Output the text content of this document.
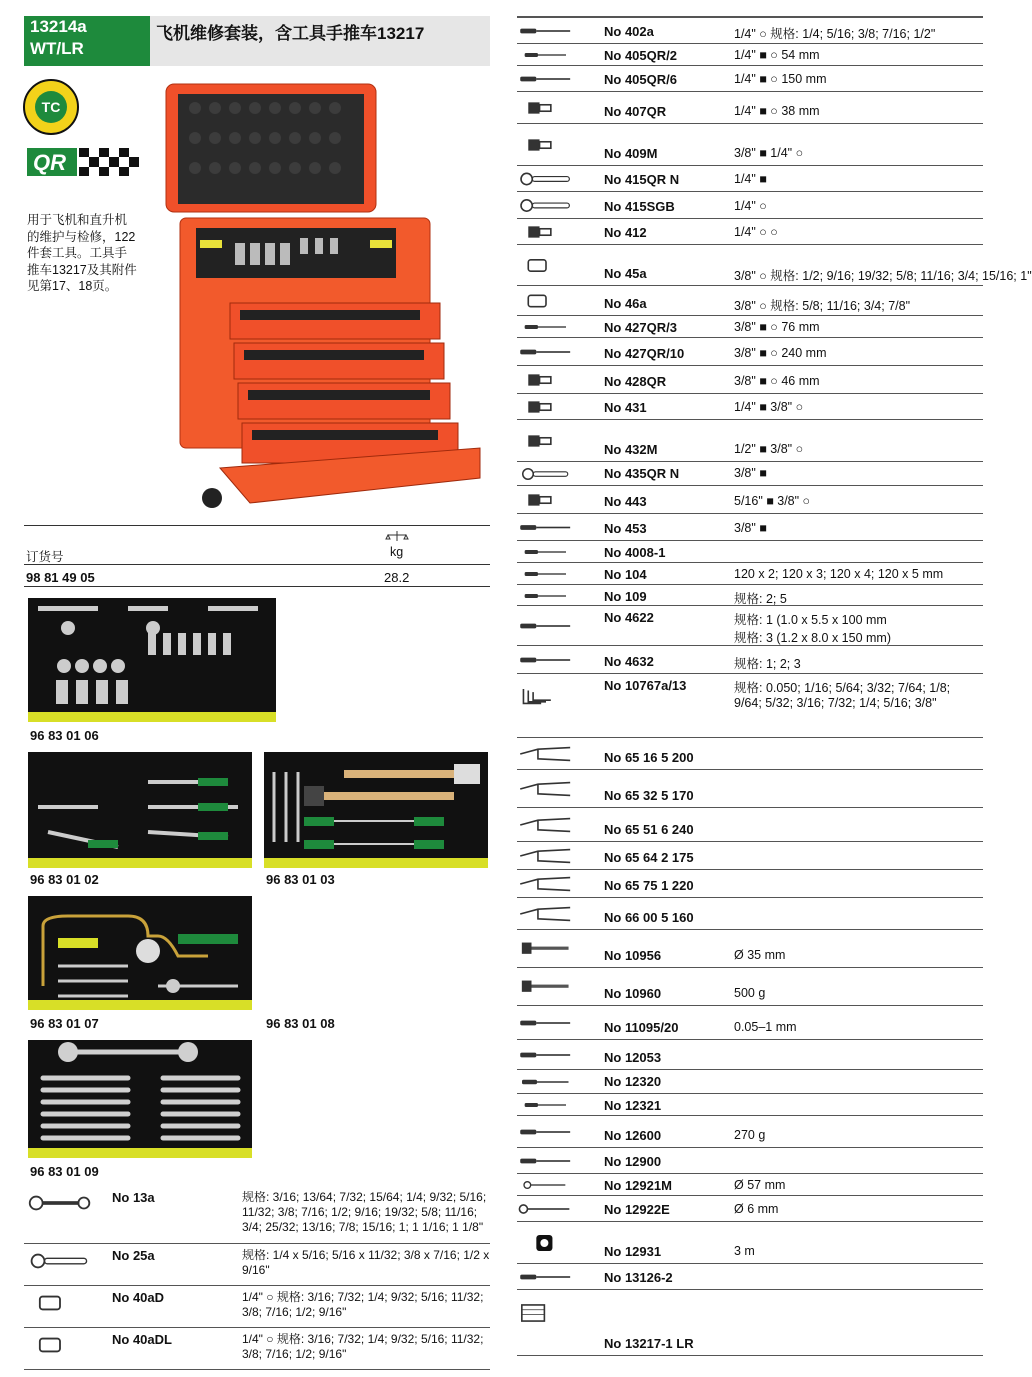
13214a
WT/LR
飞机维修套装，含工具手推车13217
TC
QR
用于飞机和直升机的维护与检修，122件套工具。工具手推车13217及其附件见第17、18页。
kg
订货号
98 81 49 05	28.2
96 83 01 06
96 83 01 02	96 83 01 03
96 83 01 07	96 83 01 08
96 83 01 09
No 13a	规格: 3/16; 13/64; 7/32; 15/64; 1/4; 9/32; 5/16; 11/32; 3/8; 7/16; 1/2; 9/16; 19/32; 5/8; 11/16; 3/4; 25/32; 13/16; 7/8; 15/16; 1; 1 1/16; 1 1/8"
No 25a	规格: 1/4 x 5/16; 5/16 x 11/32; 3/8 x 7/16; 1/2 x 9/16"
No 40aD	1/4" ○ 规格: 3/16; 7/32; 1/4; 9/32; 5/16; 11/32; 3/8; 7/16; 1/2; 9/16"
No 40aDL	1/4" ○ 规格: 3/16; 7/32; 1/4; 9/32; 5/16; 11/32; 3/8; 7/16; 1/2; 9/16"
No 402a	1/4" ○ 规格: 1/4; 5/16; 3/8; 7/16; 1/2"
No 405QR/2	1/4" ■ ○ 54 mm
No 405QR/6	1/4" ■ ○ 150 mm
No 407QR	1/4" ■ ○ 38 mm
No 409M	3/8" ■ 1/4" ○
No 415QR N	1/4" ■
No 415SGB	1/4" ○
No 412	1/4" ○ ○
No 45a	3/8" ○ 规格: 1/2; 9/16; 19/32; 5/8; 11/16; 3/4; 15/16; 1"
No 46a	3/8" ○ 规格: 5/8; 11/16; 3/4; 7/8"
No 427QR/3	3/8" ■ ○ 76 mm
No 427QR/10	3/8" ■ ○ 240 mm
No 428QR	3/8" ■ ○ 46 mm
No 431	1/4" ■ 3/8" ○
No 432M	1/2" ■ 3/8" ○
No 435QR N	3/8" ■
No 443	5/16" ■ 3/8" ○
No 453	3/8" ■
No 4008-1
No 104	120 x 2; 120 x 3; 120 x 4; 120 x 5 mm
No 109	规格: 2; 5
No 4622	规格: 1 (1.0 x 5.5 x 100 mm
规格: 3 (1.2 x 8.0 x 150 mm)
No 4632	规格: 1; 2; 3
No 10767a/13	规格: 0.050; 1/16; 5/64; 3/32; 7/64; 1/8;
9/64; 5/32; 3/16; 7/32; 1/4; 5/16; 3/8"
No 65 16 5 200
No 65 32 5 170
No 65 51 6 240
No 65 64 2 175
No 65 75 1 220
No 66 00 5 160
No 10956	Ø 35 mm
No 10960	500 g
No 11095/20	0.05–1 mm
No 12053
No 12320
No 12321
No 12600	270 g
No 12900
No 12921M	Ø 57 mm
No 12922E	Ø 6 mm
No 12931	3 m
No 13126-2
No 13217-1 LR
